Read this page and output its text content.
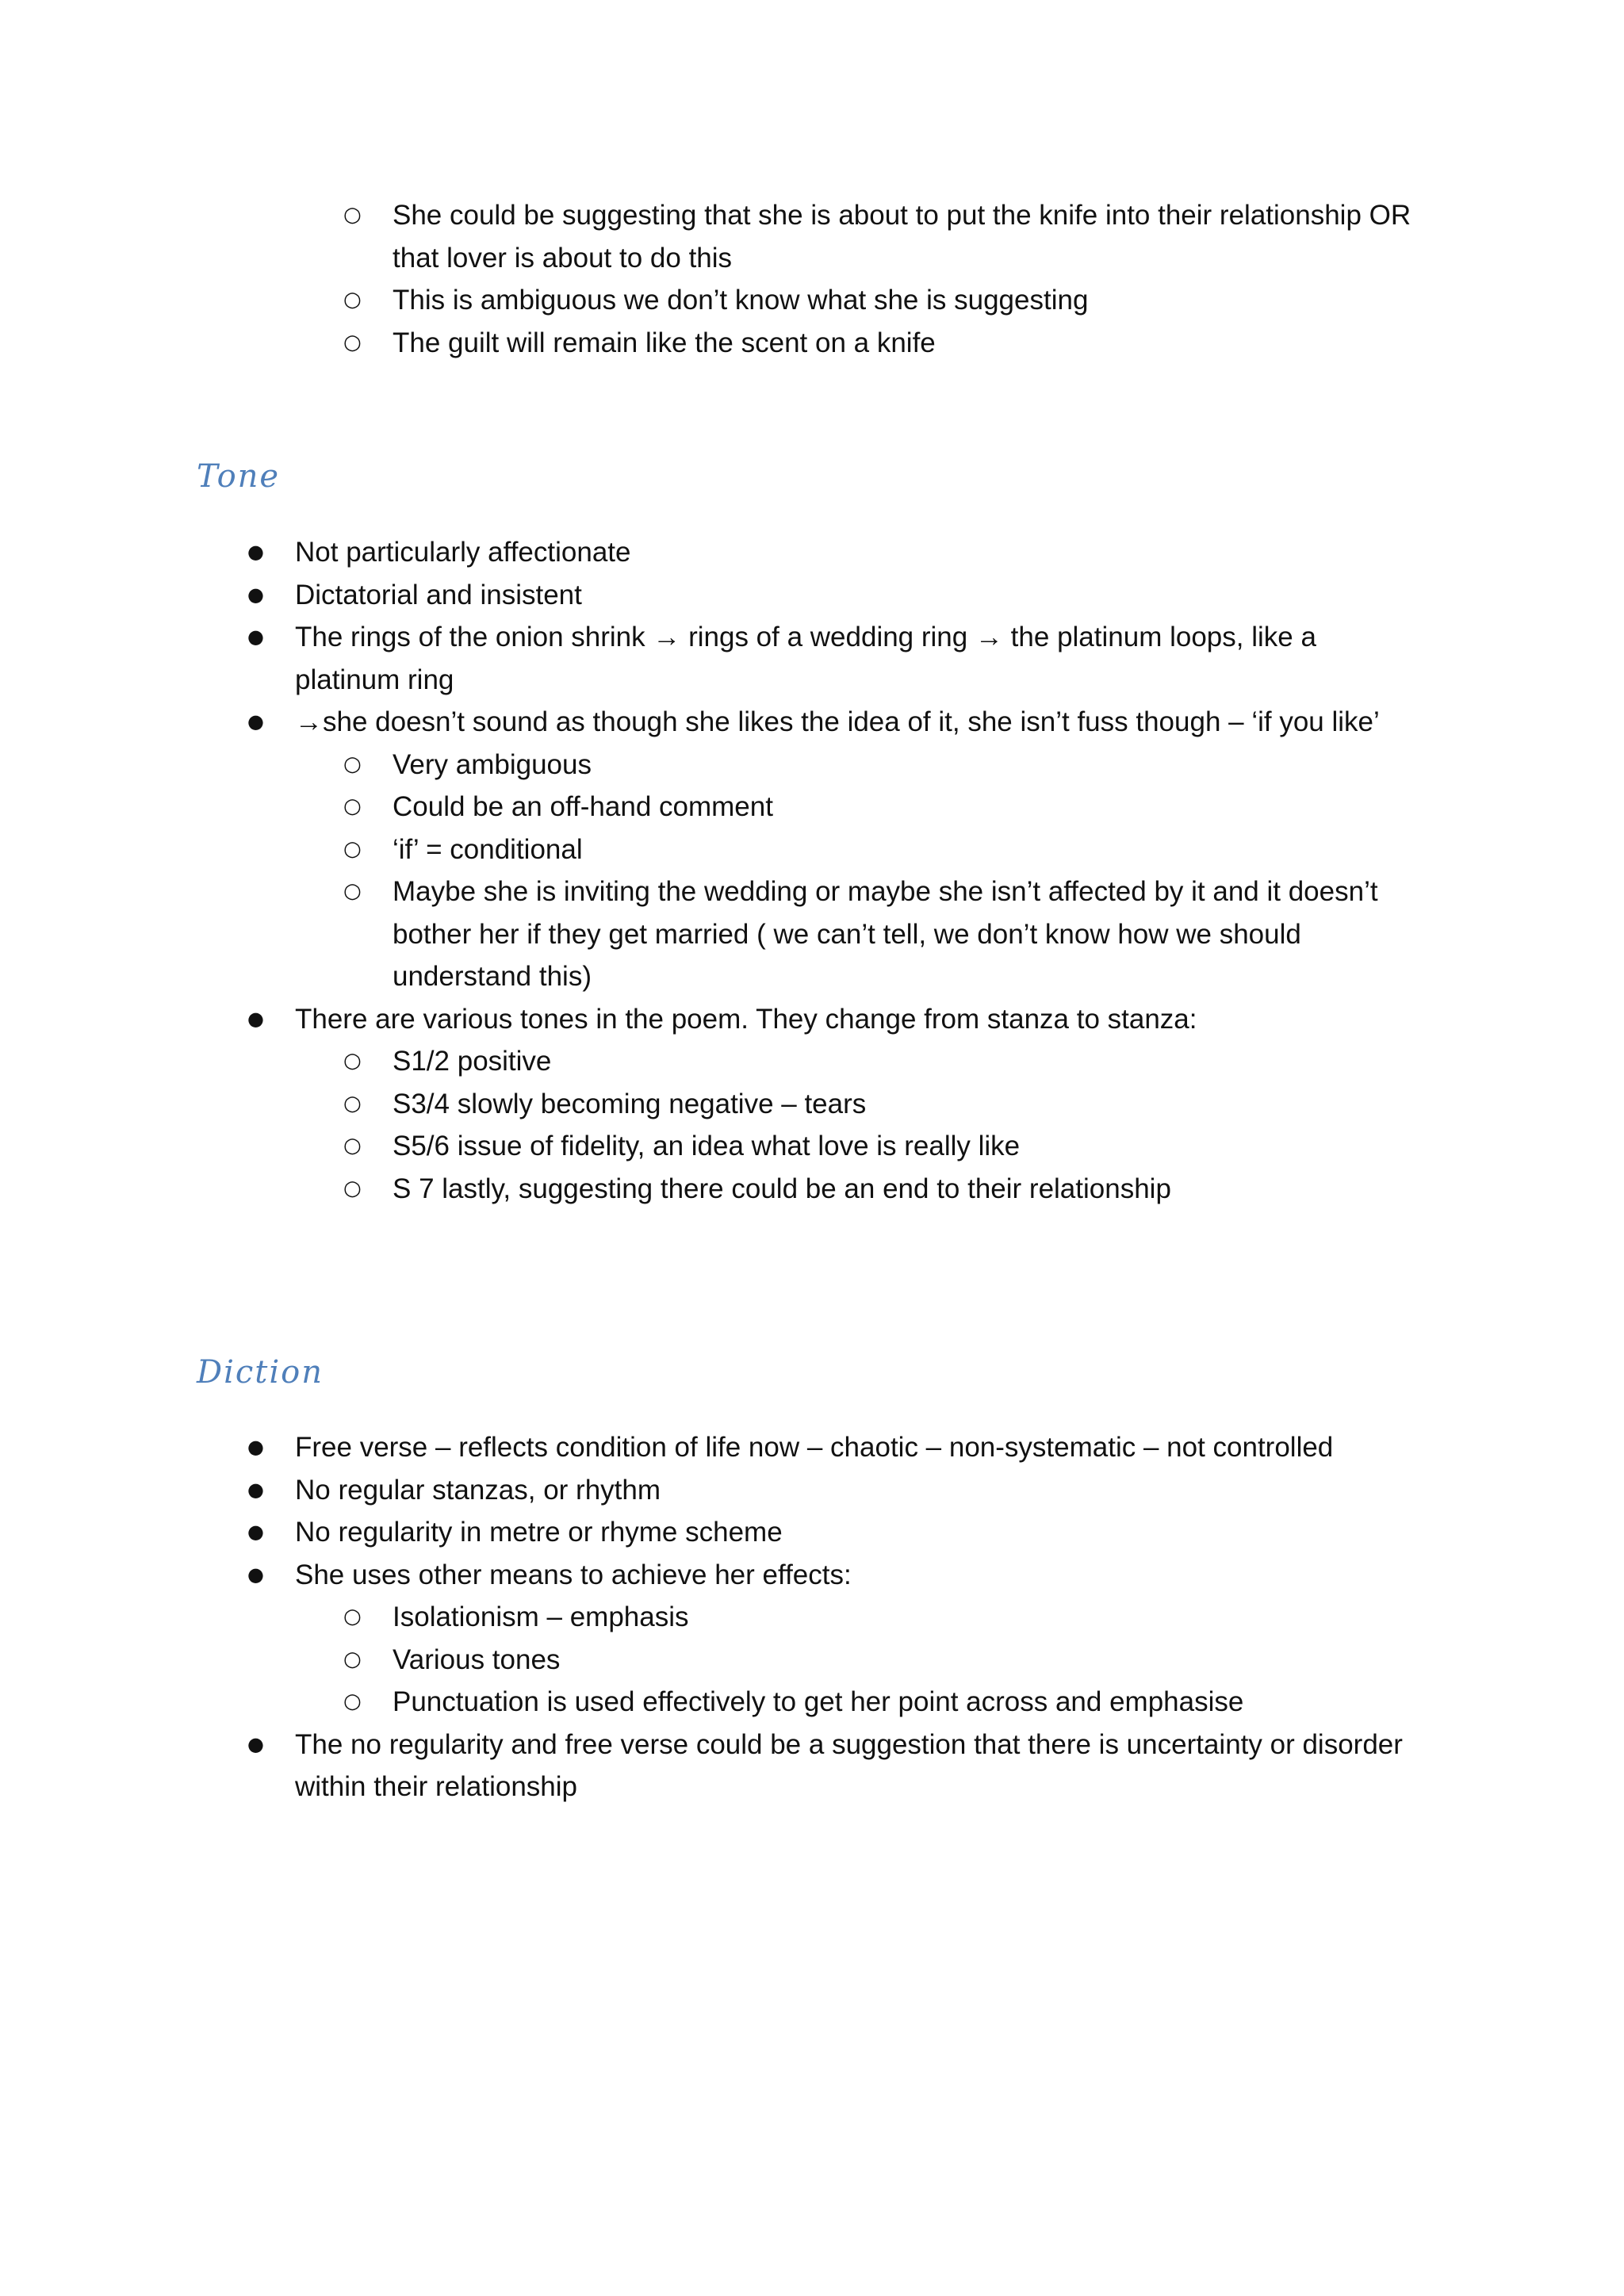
○ She could be suggesting that she is about to put the knife into their relationship OR that lover is about to do this
○ This is ambiguous we don’t know what she is suggesting
○ The guilt will remain like the scent on a knife
Tone
● Not particularly affectionate
● Dictatorial and insistent
● The rings of the onion shrink → rings of a wedding ring → the platinum loops, like a platinum ring
● →she doesn’t sound as though she likes the idea of it, she isn’t fuss though – ‘if you like’
○ Very ambiguous
○ Could be an off-hand comment
○ ‘if’ = conditional
○ Maybe she is inviting the wedding or maybe she isn’t affected by it and it doesn’t bother her if they get married ( we can’t tell, we don’t know how we should understand this)
● There are various tones in the poem. They change from stanza to stanza:
○ S1/2 positive
○ S3/4 slowly becoming negative – tears
○ S5/6 issue of fidelity, an idea what love is really like
○ S 7 lastly, suggesting there could be an end to their relationship
Diction
● Free verse – reflects condition of life now – chaotic – non-systematic – not controlled
● No regular stanzas, or rhythm
● No regularity in metre or rhyme scheme
● She uses other means to achieve her effects:
○ Isolationism – emphasis
○ Various tones
○ Punctuation is used effectively to get her point across and emphasise
● The no regularity and free verse could be a suggestion that there is uncertainty or disorder within their relationship
